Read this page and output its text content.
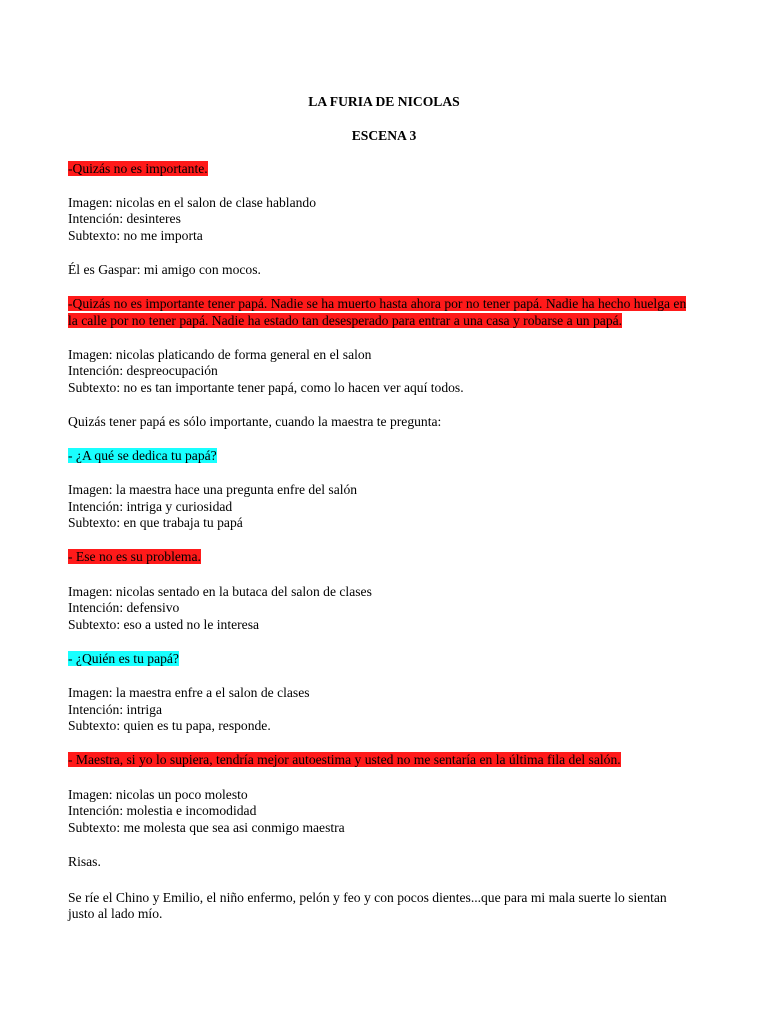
LA FURIA DE NICOLAS
ESCENA 3
-Quizás no es importante.
Imagen: nicolas en el salon de clase hablando
Intención: desinteres
Subtexto: no me importa
Él es Gaspar: mi amigo con mocos.
-Quizás no es importante tener papá. Nadie se ha muerto hasta ahora por no tener papá. Nadie ha hecho huelga en
la calle por no tener papá. Nadie ha estado tan desesperado para entrar a una casa y robarse a un papá.
Imagen: nicolas platicando de forma general en el salon
Intención: despreocupación
Subtexto: no es tan importante tener papá, como lo hacen ver aquí todos.
Quizás tener papá es sólo importante, cuando la maestra te pregunta:
- ¿A qué se dedica tu papá?
Imagen: la maestra hace una pregunta enfre del salón
Intención: intriga y curiosidad
Subtexto: en que trabaja tu papá
- Ese no es su problema.
Imagen: nicolas sentado en la butaca del salon de clases
Intención: defensivo
Subtexto: eso a usted no le interesa
- ¿Quién es tu papá?
Imagen: la maestra enfre a el salon de clases
Intención: intriga
Subtexto: quien es tu papa, responde.
- Maestra, si yo lo supiera, tendría mejor autoestima y usted no me sentaría en la última fila del salón.
Imagen: nicolas un poco molesto
Intención: molestia e incomodidad
Subtexto: me molesta que sea asi conmigo maestra
Risas.
Se ríe el Chino y Emilio, el niño enfermo, pelón y feo y con pocos dientes...que para mi mala suerte lo sientan
justo al lado mío.
